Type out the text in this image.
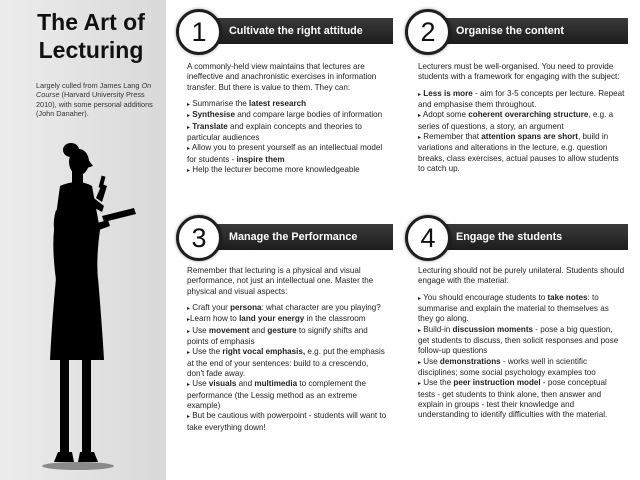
The Art of
Lecturing
Largely culled from James Lang On Course (Harvard University Press 2010), with some personal additions (John Danaher).
Cultivate the right attitude
1

A commonly-held view maintains that lectures are ineffective and anachronistic exercises in information transfer. But there is value to them. They can:

▸ Summarise the latest research

▸ Synthesise and compare large bodies of information

▸ Translate and explain concepts and theories to particular audiences

▸ Allow you to present yourself as an intellectual model for students - inspire them

▸ Help the lecturer become more knowledgeable

Organise the content
2

Lecturers must be well-organised. You need to provide students with a framework for engaging with the subject:

▸ Less is more - aim for 3-5 concepts per lecture. Repeat and emphasise them throughout.

▸ Adopt some coherent overarching structure, e.g. a series of questions, a story, an argument

▸ Remember that attention spans are short, build in variations and alterations in the lecture, e.g. question breaks, class exercises, actual pauses to allow students to catch up.

Manage the Performance
3

Remember that lecturing is a physical and visual performance, not just an intellectual one. Master the physical and visual aspects:

▸ Craft your persona: what character are you playing?

▸Learn how to land your energy in the classroom

▸ Use movement and gesture to signify shifts and points of emphasis

▸ Use the right vocal emphasis, e.g. put the emphasis at the end of your sentences: build to a crescendo, don't fade away.

▸ Use visuals and multimedia to complement the performance (the Lessig method as an extreme example)

▸ But be cautious with powerpoint - students will want to take everything down!

Engage the students
4

Lecturing should not be purely unilateral. Students should engage with the material:

▸ You should encourage students to take notes: to summarise and explain the material to themselves as they go along.

▸ Build-in discussion moments - pose a big question, get students to discuss, then solicit responses and pose follow-up questions

▸ Use demonstrations - works well in scientific disciplines; some social psychology examples too

▸ Use the peer instruction model - pose conceptual tests - get students to think alone, then answer and explain in groups - test their knowledge and understanding to identify difficulties with the material.
